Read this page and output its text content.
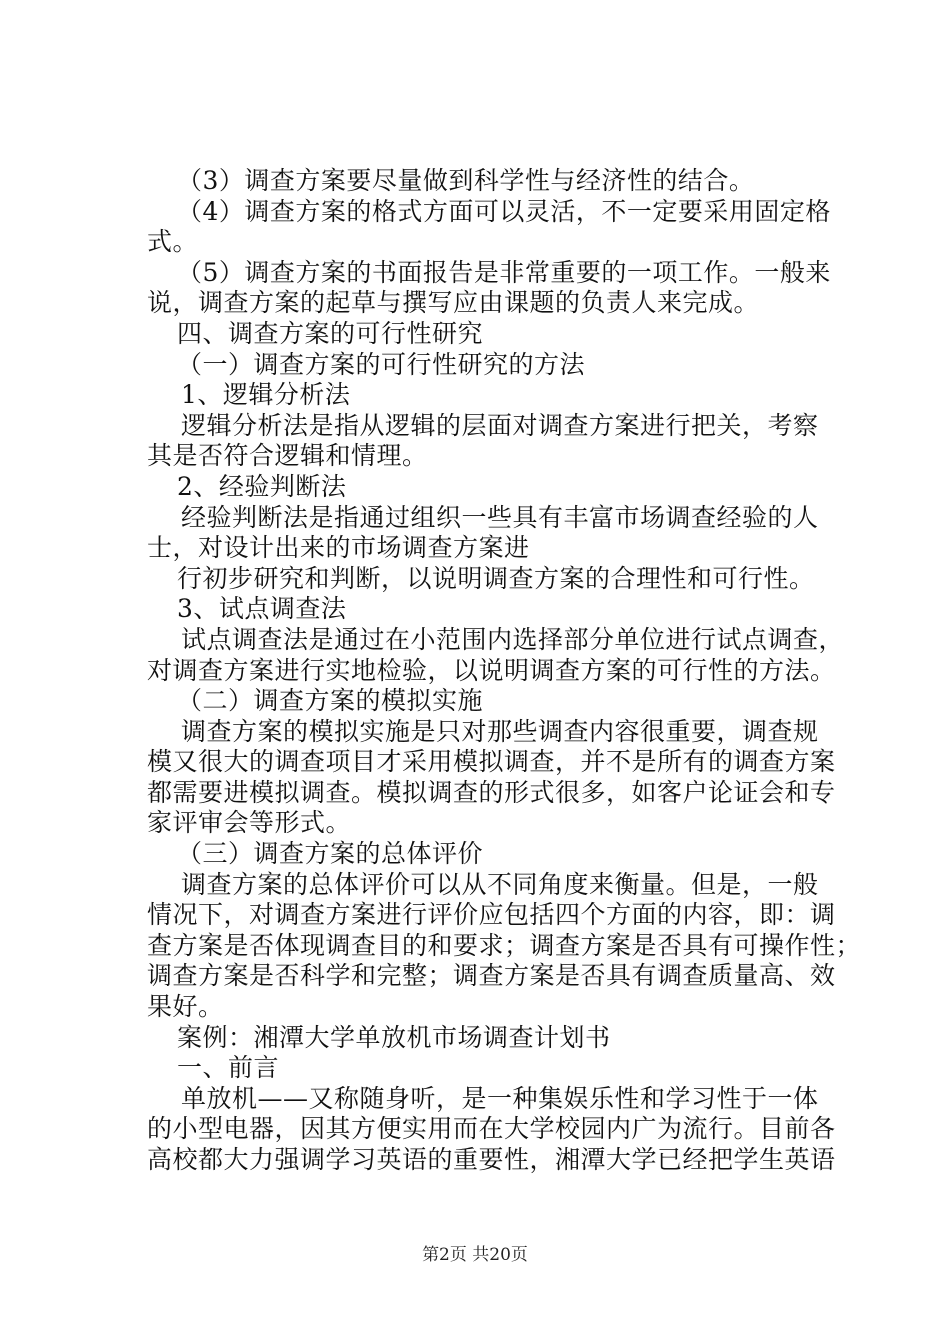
（3）调查方案要尽量做到科学性与经济性的结合。
（4）调查方案的格式方面可以灵活，不一定要采用固定格
式。
（5）调查方案的书面报告是非常重要的一项工作。一般来
说，调查方案的起草与撰写应由课题的负责人来完成。
四、调查方案的可行性研究
（一）调查方案的可行性研究的方法
1、逻辑分析法
逻辑分析法是指从逻辑的层面对调查方案进行把关，考察
其是否符合逻辑和情理。
2、经验判断法
经验判断法是指通过组织一些具有丰富市场调查经验的人
士，对设计出来的市场调查方案进
行初步研究和判断，以说明调查方案的合理性和可行性。
3、试点调查法
试点调查法是通过在小范围内选择部分单位进行试点调查，
对调查方案进行实地检验，以说明调查方案的可行性的方法。
（二）调查方案的模拟实施
调查方案的模拟实施是只对那些调查内容很重要，调查规
模又很大的调查项目才采用模拟调查，并不是所有的调查方案
都需要进模拟调查。模拟调查的形式很多，如客户论证会和专
家评审会等形式。
（三）调查方案的总体评价
调查方案的总体评价可以从不同角度来衡量。但是，一般
情况下，对调查方案进行评价应包括四个方面的内容，即：调
查方案是否体现调查目的和要求；调查方案是否具有可操作性；
调查方案是否科学和完整；调查方案是否具有调查质量高、效
果好。
案例：湘潭大学单放机市场调查计划书
一、前言
单放机——又称随身听，是一种集娱乐性和学习性于一体
的小型电器，因其方便实用而在大学校园内广为流行。目前各
高校都大力强调学习英语的重要性，湘潭大学已经把学生英语
第2页 共20页
